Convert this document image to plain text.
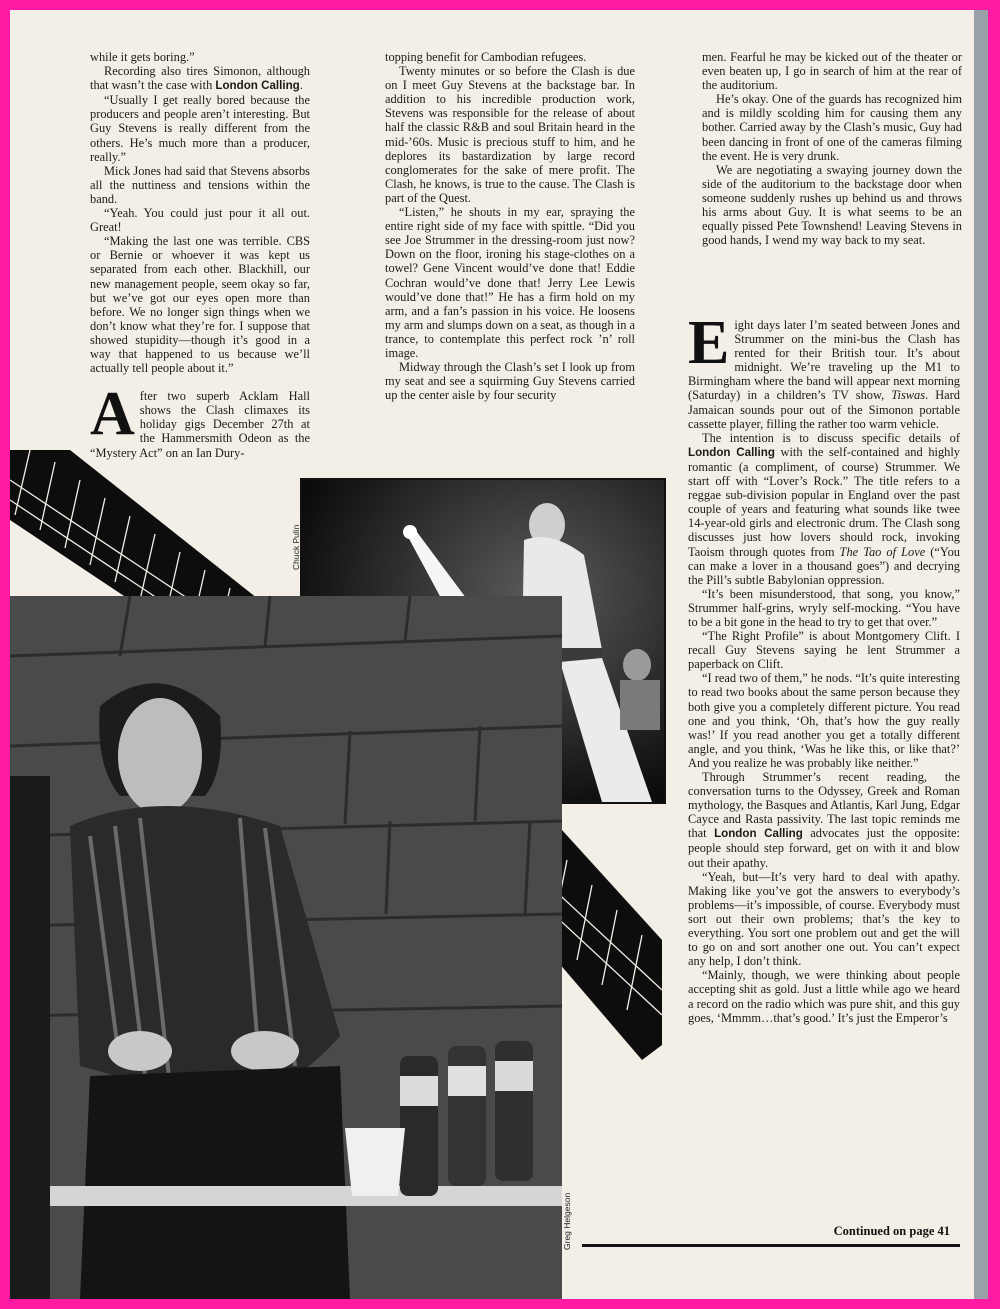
Chuck Pulin
Greg Helgeson

while it gets boring.”

Recording also tires Simonon, although that wasn’t the case with London Calling.

“Usually I get really bored because the producers and people aren’t interesting. But Guy Stevens is really different from the others. He’s much more than a producer, really.”

Mick Jones had said that Stevens absorbs all the nuttiness and tensions within the band.

“Yeah. You could just pour it all out. Great!

“Making the last one was terrible. CBS or Bernie or whoever it was kept us separated from each other. Blackhill, our new management people, seem okay so far, but we’ve got our eyes open more than before. We no longer sign things when we don’t know what they’re for. I suppose that showed stupidity—though it’s good in a way that happened to us because we’ll actually tell people about it.”

After two superb Acklam Hall shows the Clash climaxes its holiday gigs December 27th at the Hammersmith Odeon as the “Mystery Act” on an Ian Dury-

topping benefit for Cambodian refugees.

Twenty minutes or so before the Clash is due on I meet Guy Stevens at the backstage bar. In addition to his incredible production work, Stevens was responsible for the release of about half the classic R&B and soul Britain heard in the mid-’60s. Music is precious stuff to him, and he deplores its bastardization by large record conglomerates for the sake of mere profit. The Clash, he knows, is true to the cause. The Clash is part of the Quest.

“Listen,” he shouts in my ear, spraying the entire right side of my face with spittle. “Did you see Joe Strummer in the dressing-room just now? Down on the floor, ironing his stage-clothes on a towel? Gene Vincent would’ve done that! Eddie Cochran would’ve done that! Jerry Lee Lewis would’ve done that!” He has a firm hold on my arm, and a fan’s passion in his voice. He loosens my arm and slumps down on a seat, as though in a trance, to contemplate this perfect rock ’n’ roll image.

Midway through the Clash’s set I look up from my seat and see a squirming Guy Stevens carried up the center aisle by four security

men. Fearful he may be kicked out of the theater or even beaten up, I go in search of him at the rear of the auditorium.

He’s okay. One of the guards has recognized him and is mildly scolding him for causing them any bother. Carried away by the Clash’s music, Guy had been dancing in front of one of the cameras filming the event. He is very drunk.

We are negotiating a swaying journey down the side of the auditorium to the backstage door when someone suddenly rushes up behind us and throws his arms about Guy. It is what seems to be an equally pissed Pete Townshend! Leaving Stevens in good hands, I wend my way back to my seat.

Eight days later I’m seated between Jones and Strummer on the mini-bus the Clash has rented for their British tour. It’s about midnight. We’re traveling up the M1 to Birmingham where the band will appear next morning (Saturday) in a children’s TV show, Tiswas. Hard Jamaican sounds pour out of the Simonon portable cassette player, filling the rather too warm vehicle.

The intention is to discuss specific details of London Calling with the self-contained and highly romantic (a compliment, of course) Strummer. We start off with “Lover’s Rock.” The title refers to a reggae sub-division popular in England over the past couple of years and featuring what sounds like twee 14-year-old girls and electronic drum. The Clash song discusses just how lovers should rock, invoking Taoism through quotes from The Tao of Love (“You can make a lover in a thousand goes”) and decrying the Pill’s subtle Babylonian oppression.

“It’s been misunderstood, that song, you know,” Strummer half-grins, wryly self-mocking. “You have to be a bit gone in the head to try to get that over.”

“The Right Profile” is about Montgomery Clift. I recall Guy Stevens saying he lent Strummer a paperback on Clift.

“I read two of them,” he nods. “It’s quite interesting to read two books about the same person because they both give you a completely different picture. You read one and you think, ‘Oh, that’s how the guy really was!’ If you read another you get a totally different angle, and you think, ‘Was he like this, or like that?’ And you realize he was probably like neither.”

Through Strummer’s recent reading, the conversation turns to the Odyssey, Greek and Roman mythology, the Basques and Atlantis, Karl Jung, Edgar Cayce and Rasta passivity. The last topic reminds me that London Calling advocates just the opposite: people should step forward, get on with it and blow out their apathy.

“Yeah, but—It’s very hard to deal with apathy. Making like you’ve got the answers to everybody’s problems—it’s impossible, of course. Everybody must sort out their own problems; that’s the key to everything. You sort one problem out and get the will to go on and sort another one out. You can’t expect any help, I don’t think.

“Mainly, though, we were thinking about people accepting shit as gold. Just a little while ago we heard a record on the radio which was pure shit, and this guy goes, ‘Mmmm…that’s good.’ It’s just the Emperor’s

Continued on page 41
